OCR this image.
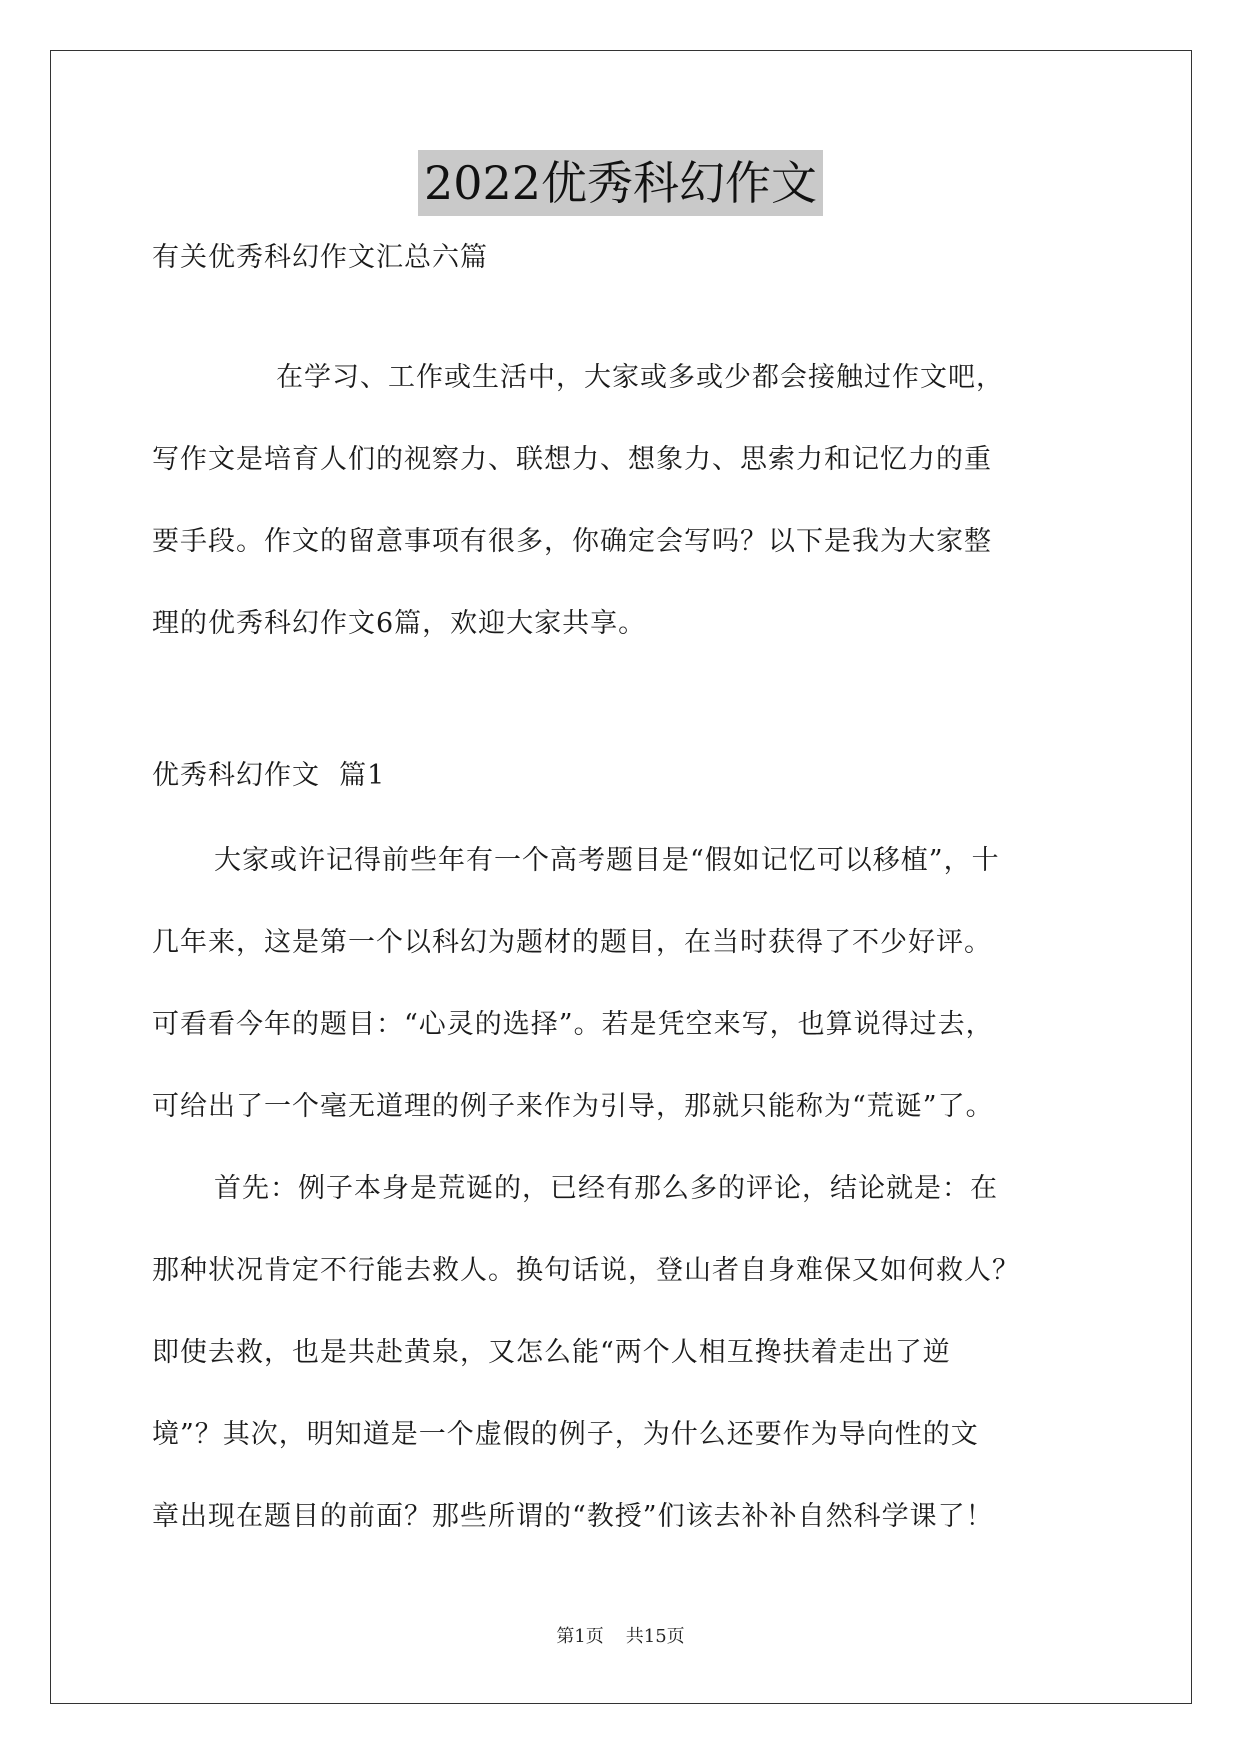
2022优秀科幻作文

有关优秀科幻作文汇总六篇

在学习、工作或生活中，大家或多或少都会接触过作文吧，
写作文是培育人们的视察力、联想力、想象力、思索力和记忆力的重
要手段。作文的留意事项有很多，你确定会写吗？以下是我为大家整
理的优秀科幻作文6篇，欢迎大家共享。

优秀科幻作文  篇1

大家或许记得前些年有一个高考题目是“假如记忆可以移植”，十
几年来，这是第一个以科幻为题材的题目，在当时获得了不少好评。
可看看今年的题目：“心灵的选择”。若是凭空来写，也算说得过去，
可给出了一个毫无道理的例子来作为引导，那就只能称为“荒诞”了。
首先：例子本身是荒诞的，已经有那么多的评论，结论就是：在
那种状况肯定不行能去救人。换句话说，登山者自身难保又如何救人？
即使去救，也是共赴黄泉，又怎么能“两个人相互搀扶着走出了逆
境”？其次，明知道是一个虚假的例子，为什么还要作为导向性的文
章出现在题目的前面？那些所谓的“教授”们该去补补自然科学课了！
第1页 共15页
